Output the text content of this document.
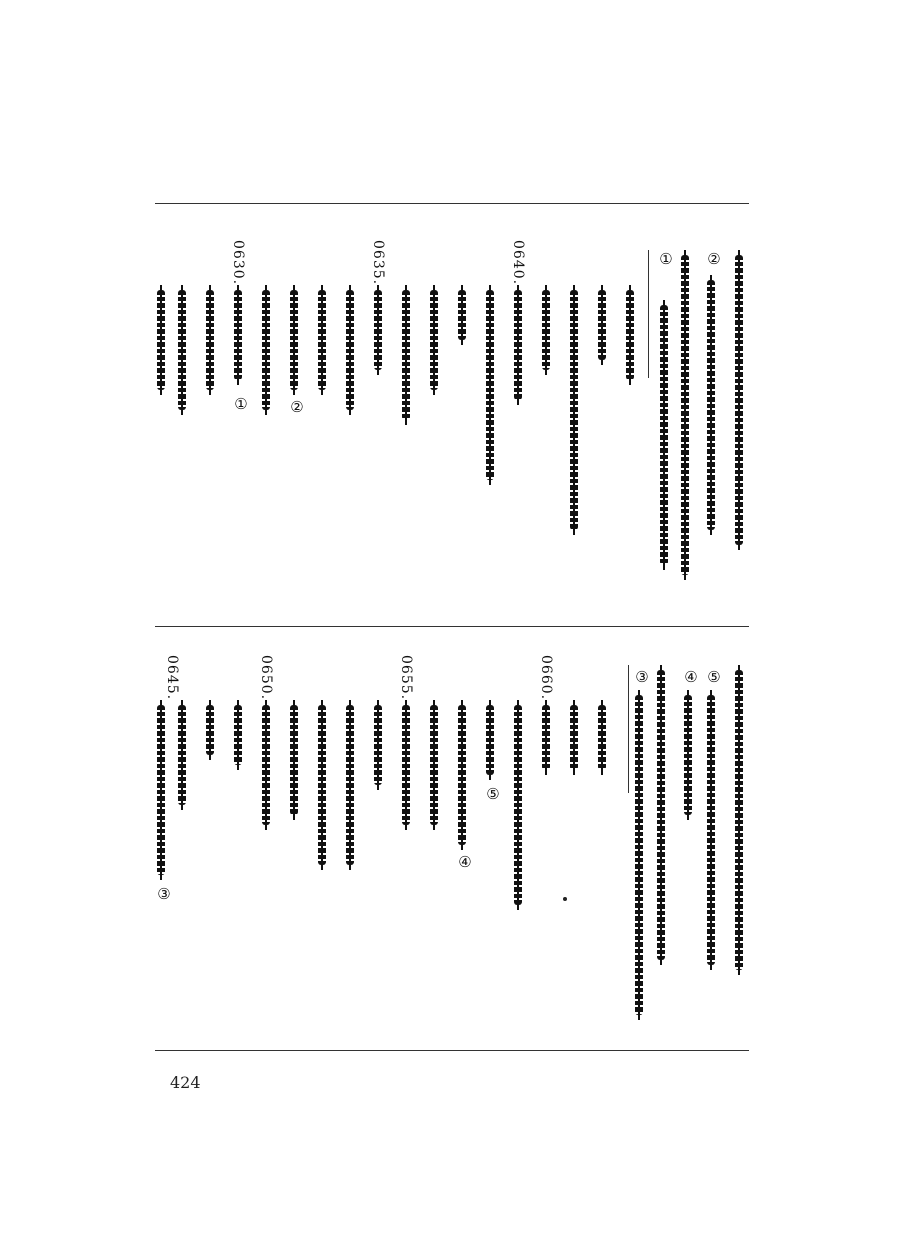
②
①
0640.
0635.
②
0630.
①
⑤
④
③
0660.
⑤
④
0655.
0650.
③
0645.
424
